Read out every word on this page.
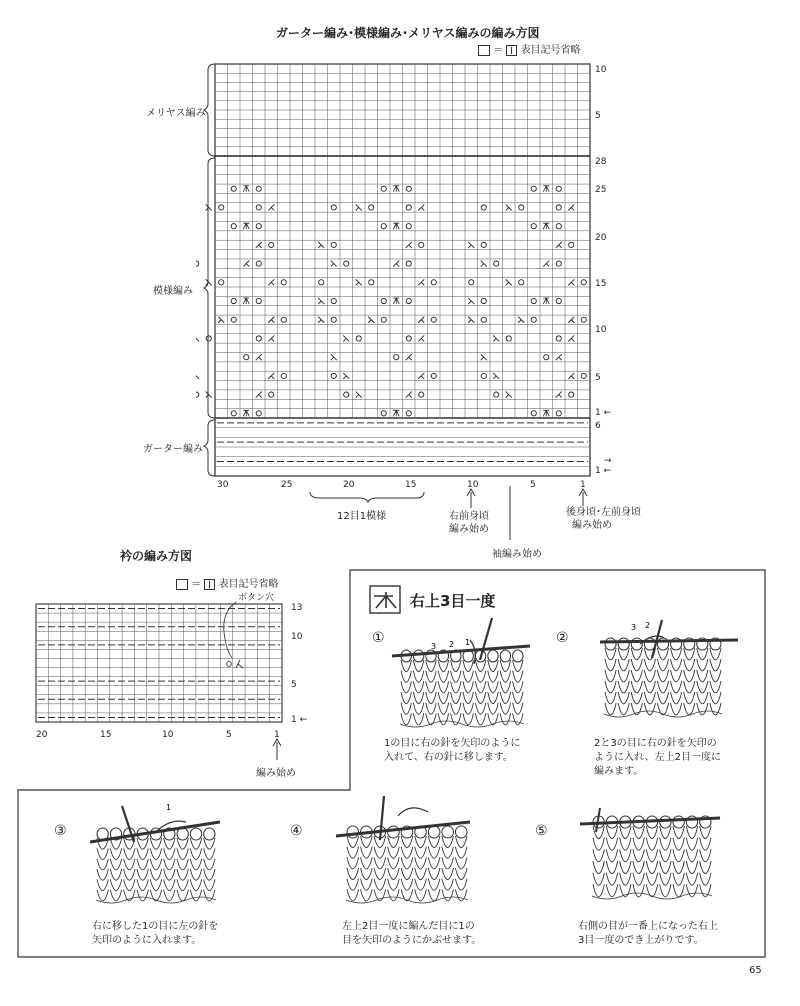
ガーター編み･模様編み･メリヤス編みの編み方図
＝ 表目記号省略
メリヤス編み
模様編み
ガーター編み
10
5
28
25
20
15
10
5
1 ←
6
→
1 ←
30	25	20	15	10	5	1
12目1模様	右前身頃
編み始め
袖編み始め
後身頃･左前身頃
編み始め
衿の編み方図
＝ 表目記号省略
ボタン穴
13
10
5
1 ←
20	15	10	5	1
編み始め
右上3目一度
①	②
③	④	⑤
3 2 1
3 2
1
1の目に右の針を矢印のように
入れて、右の針に移します。
2と3の目に右の針を矢印の
ように入れ、左上2目一度に
編みます。
右に移した1の目に左の針を
矢印のように入れます。
左上2目一度に編んだ目に1の
目を矢印のようにかぶせます。
右側の目が一番上になった右上
3目一度のでき上がりです。
65
